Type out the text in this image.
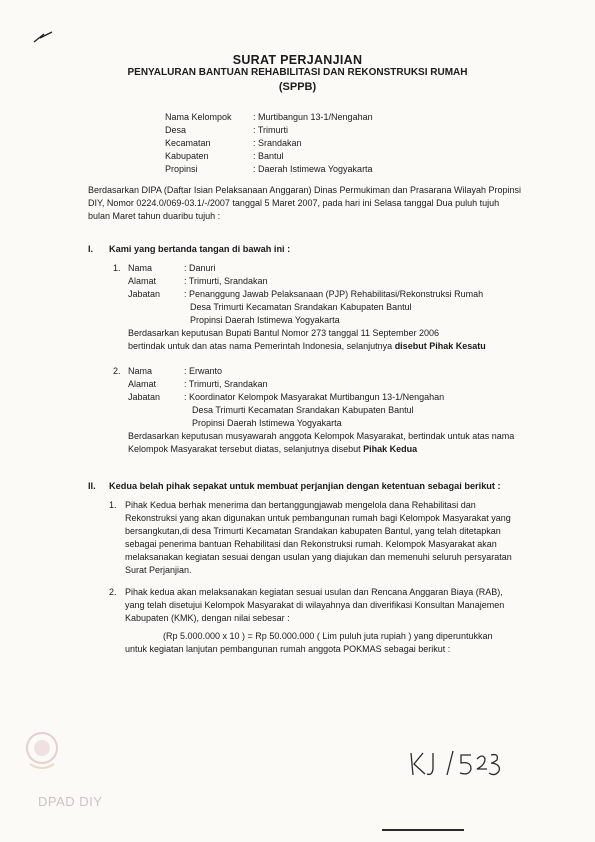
SURAT PERJANJIAN
PENYALURAN BANTUAN REHABILITASI DAN REKONSTRUKSI RUMAH
(SPPB)
Nama Kelompok : Murtibangun 13-1/Nengahan
Desa	: Trimurti
Kecamatan	: Srandakan
Kabupaten	: Bantul
Propinsi	: Daerah Istimewa Yogyakarta
Berdasarkan DIPA (Daftar Isian Pelaksanaan Anggaran) Dinas Permukiman dan Prasarana Wilayah Propinsi
DIY, Nomor 0224.0/069-03.1/-/2007 tanggal 5 Maret 2007, pada hari ini Selasa tanggal Dua puluh tujuh
bulan Maret tahun duaribu tujuh :
I. Kami yang bertanda tangan di bawah ini :
1. Nama	: Danuri
Alamat	: Trimurti, Srandakan
Jabatan	: Penanggung Jawab Pelaksanaan (PJP) Rehabilitasi/Rekonstruksi Rumah
Desa Trimurti Kecamatan Srandakan Kabupaten Bantul
Propinsi Daerah Istimewa Yogyakarta
Berdasarkan keputusan Bupati Bantul Nomor 273 tanggal 11 September 2006
bertindak untuk dan atas nama Pemerintah Indonesia, selanjutnya disebut Pihak Kesatu
2. Nama	: Erwanto
Alamat	: Trimurti, Srandakan
Jabatan	: Koordinator Kelompok Masyarakat Murtibangun 13-1/Nengahan
Desa Trimurti Kecamatan Srandakan Kabupaten Bantul
Propinsi Daerah Istimewa Yogyakarta
Berdasarkan keputusan musyawarah anggota Kelompok Masyarakat, bertindak untuk atas nama
Kelompok Masyarakat tersebut diatas, selanjutnya disebut Pihak Kedua
II. Kedua belah pihak sepakat untuk membuat perjanjian dengan ketentuan sebagai berikut :
1. Pihak Kedua berhak menerima dan bertanggungjawab mengelola dana Rehabilitasi dan
Rekonstruksi yang akan digunakan untuk pembangunan rumah bagi Kelompok Masyarakat yang
bersangkutan,di desa Trimurti Kecamatan Srandakan kabupaten Bantul, yang telah ditetapkan
sebagai penerima bantuan Rehabilitasi dan Rekonstruksi rumah. Kelompok Masyarakat akan
melaksanakan kegiatan sesuai dengan usulan yang diajukan dan memenuhi seluruh persyaratan
Surat Perjanjian.
2. Pihak kedua akan melaksanakan kegiatan sesuai usulan dan Rencana Anggaran Biaya (RAB),
yang telah disetujui Kelompok Masyarakat di wilayahnya dan diverifikasi Konsultan Manajemen
Kabupaten (KMK), dengan nilai sebesar :
(Rp 5.000.000 x 10 ) = Rp 50.000.000 ( Lim puluh juta rupiah ) yang diperuntukkan
untuk kegiatan lanjutan pembangunan rumah anggota POKMAS sebagai berikut :
DPAD DIY
